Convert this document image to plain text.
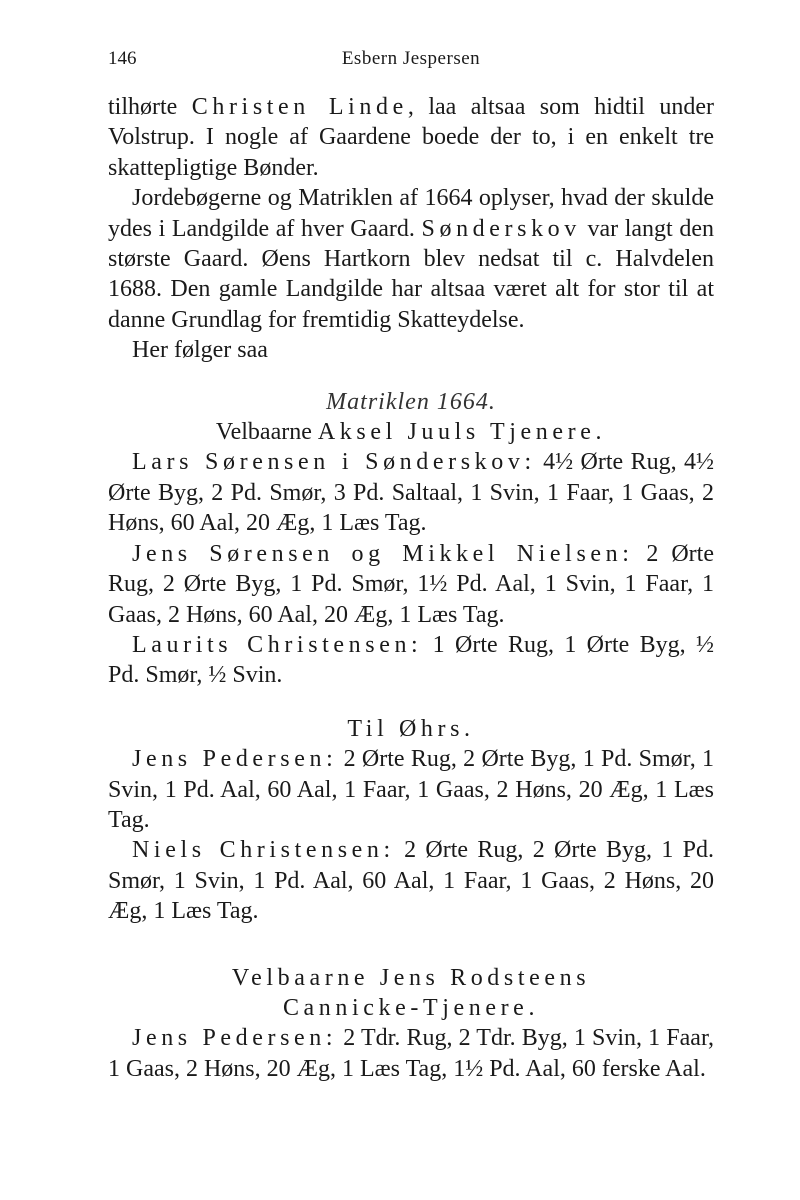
146	Esbern Jespersen

tilhørte Christen Linde, laa altsaa som hidtil under Volstrup. I nogle af Gaardene boede der to, i en enkelt tre skattepligtige Bønder.

Jordebøgerne og Matriklen af 1664 oplyser, hvad der skulde ydes i Landgilde af hver Gaard. Sønderskov var langt den største Gaard. Øens Hartkorn blev nedsat til c. Halvdelen 1688. Den gamle Landgilde har altsaa været alt for stor til at danne Grundlag for fremtidig Skatteydelse.

Her følger saa

Matriklen 1664.

Velbaarne Aksel Juuls Tjenere.

Lars Sørensen i Sønderskov: 4½ Ørte Rug, 4½ Ørte Byg, 2 Pd. Smør, 3 Pd. Saltaal, 1 Svin, 1 Faar, 1 Gaas, 2 Høns, 60 Aal, 20 Æg, 1 Læs Tag.

Jens Sørensen og Mikkel Nielsen: 2 Ørte Rug, 2 Ørte Byg, 1 Pd. Smør, 1½ Pd. Aal, 1 Svin, 1 Faar, 1 Gaas, 2 Høns, 60 Aal, 20 Æg, 1 Læs Tag.

Laurits Christensen: 1 Ørte Rug, 1 Ørte Byg, ½ Pd. Smør, ½ Svin.

Til Øhrs.

Jens Pedersen: 2 Ørte Rug, 2 Ørte Byg, 1 Pd. Smør, 1 Svin, 1 Pd. Aal, 60 Aal, 1 Faar, 1 Gaas, 2 Høns, 20 Æg, 1 Læs Tag.

Niels Christensen: 2 Ørte Rug, 2 Ørte Byg, 1 Pd. Smør, 1 Svin, 1 Pd. Aal, 60 Aal, 1 Faar, 1 Gaas, 2 Høns, 20 Æg, 1 Læs Tag.

Velbaarne Jens Rodsteens

Cannicke-Tjenere.

Jens Pedersen: 2 Tdr. Rug, 2 Tdr. Byg, 1 Svin, 1 Faar, 1 Gaas, 2 Høns, 20 Æg, 1 Læs Tag, 1½ Pd. Aal, 60 ferske Aal.
